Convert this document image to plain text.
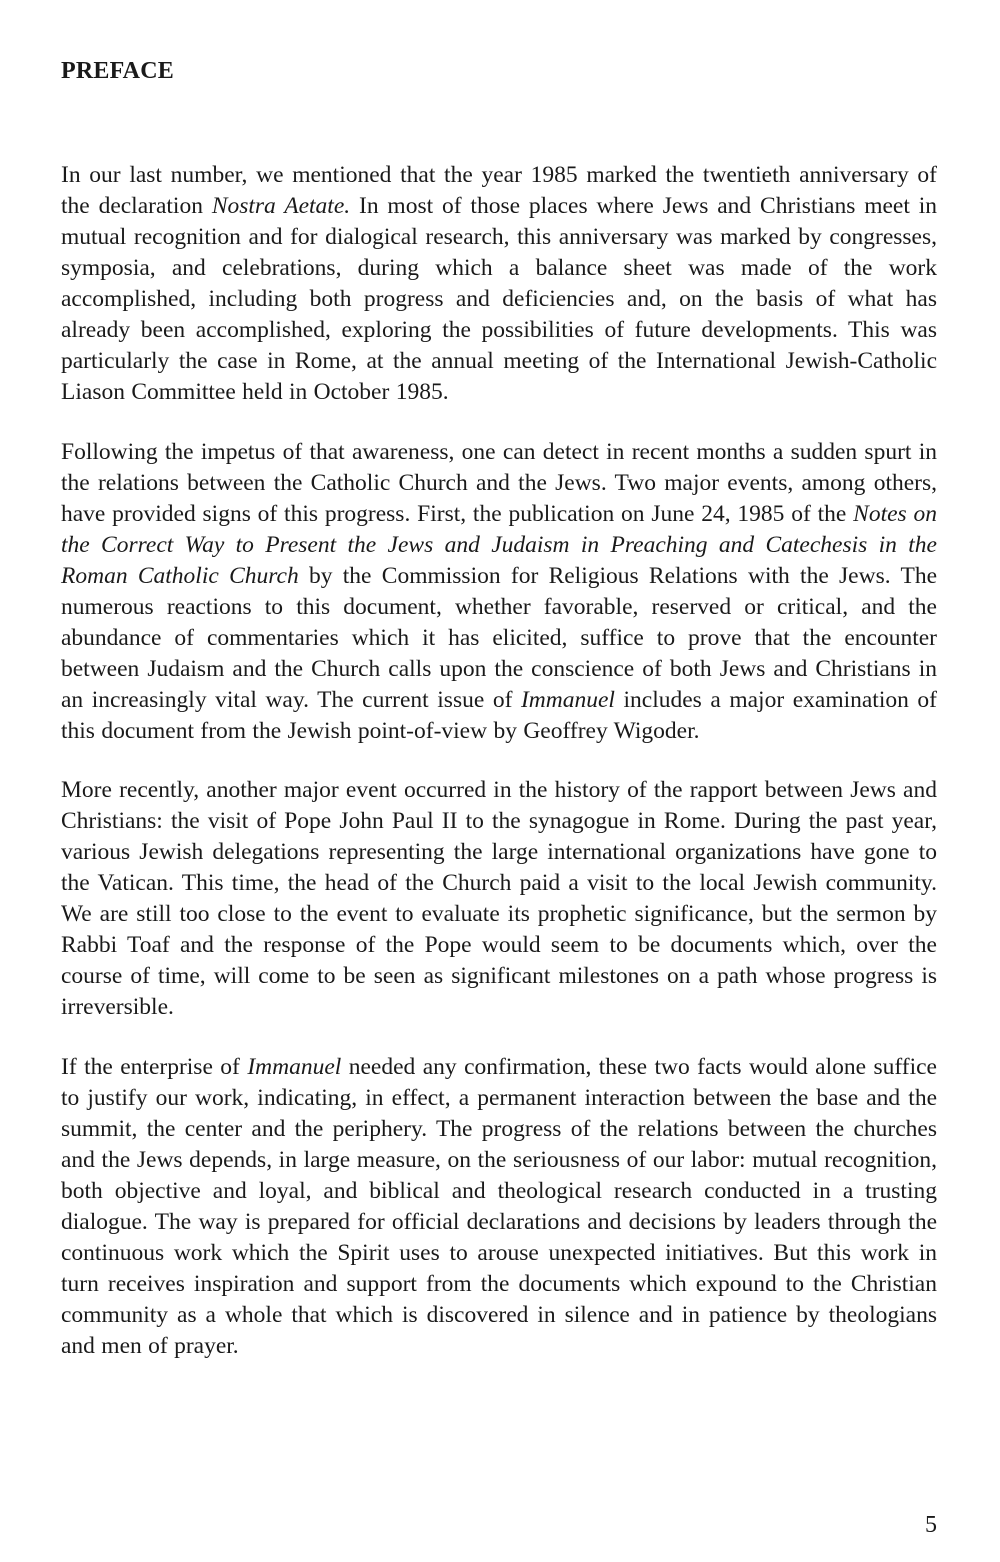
PREFACE

In our last number, we mentioned that the year 1985 marked the twentieth anniversary of the declaration Nostra Aetate. In most of those places where Jews and Christians meet in mutual recognition and for dialogical research, this anniversary was marked by congresses, symposia, and celebrations, during which a balance sheet was made of the work accomplished, including both progress and deficiencies and, on the basis of what has already been accomplished, exploring the possibilities of future developments. This was particularly the case in Rome, at the annual meeting of the International Jewish-Catholic Liason Committee held in October 1985.

Following the impetus of that awareness, one can detect in recent months a sudden spurt in the relations between the Catholic Church and the Jews. Two major events, among others, have provided signs of this progress. First, the publication on June 24, 1985 of the Notes on the Correct Way to Present the Jews and Judaism in Preaching and Catechesis in the Roman Catholic Church by the Commission for Religious Relations with the Jews. The numerous reactions to this document, whether favorable, reserved or critical, and the abundance of commentaries which it has elicited, suffice to prove that the encounter between Judaism and the Church calls upon the conscience of both Jews and Christians in an increasingly vital way. The current issue of Immanuel includes a major examination of this document from the Jewish point-of-view by Geoffrey Wigoder.

More recently, another major event occurred in the history of the rapport between Jews and Christians: the visit of Pope John Paul II to the synagogue in Rome. During the past year, various Jewish delegations representing the large international organizations have gone to the Vatican. This time, the head of the Church paid a visit to the local Jewish community. We are still too close to the event to evaluate its prophetic significance, but the sermon by Rabbi Toaf and the response of the Pope would seem to be documents which, over the course of time, will come to be seen as significant milestones on a path whose progress is irreversible.

If the enterprise of Immanuel needed any confirmation, these two facts would alone suffice to justify our work, indicating, in effect, a permanent interaction between the base and the summit, the center and the periphery. The progress of the relations between the churches and the Jews depends, in large measure, on the seriousness of our labor: mutual recognition, both objective and loyal, and biblical and theological research conducted in a trusting dialogue. The way is prepared for official declarations and decisions by leaders through the continuous work which the Spirit uses to arouse unexpected initiatives. But this work in turn receives inspiration and support from the documents which expound to the Christian community as a whole that which is discovered in silence and in patience by theologians and men of prayer.

5
